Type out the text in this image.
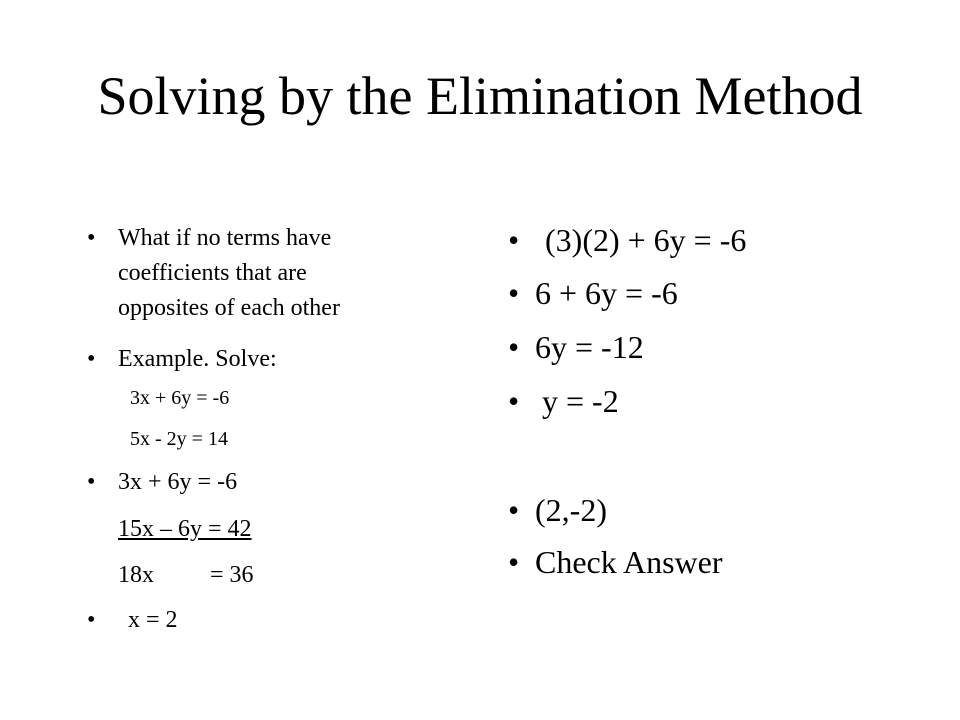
Solving by the Elimination Method
• What if no terms have
coefficients that are
opposites of each other
• Example. Solve:
3x + 6y = -6
5x - 2y = 14
• 3x + 6y = -6
15x – 6y = 42
18x = 36
• x = 2
• (3)(2) + 6y = -6
• 6 + 6y = -6
• 6y = -12
• y = -2
• (2,-2)
• Check Answer
